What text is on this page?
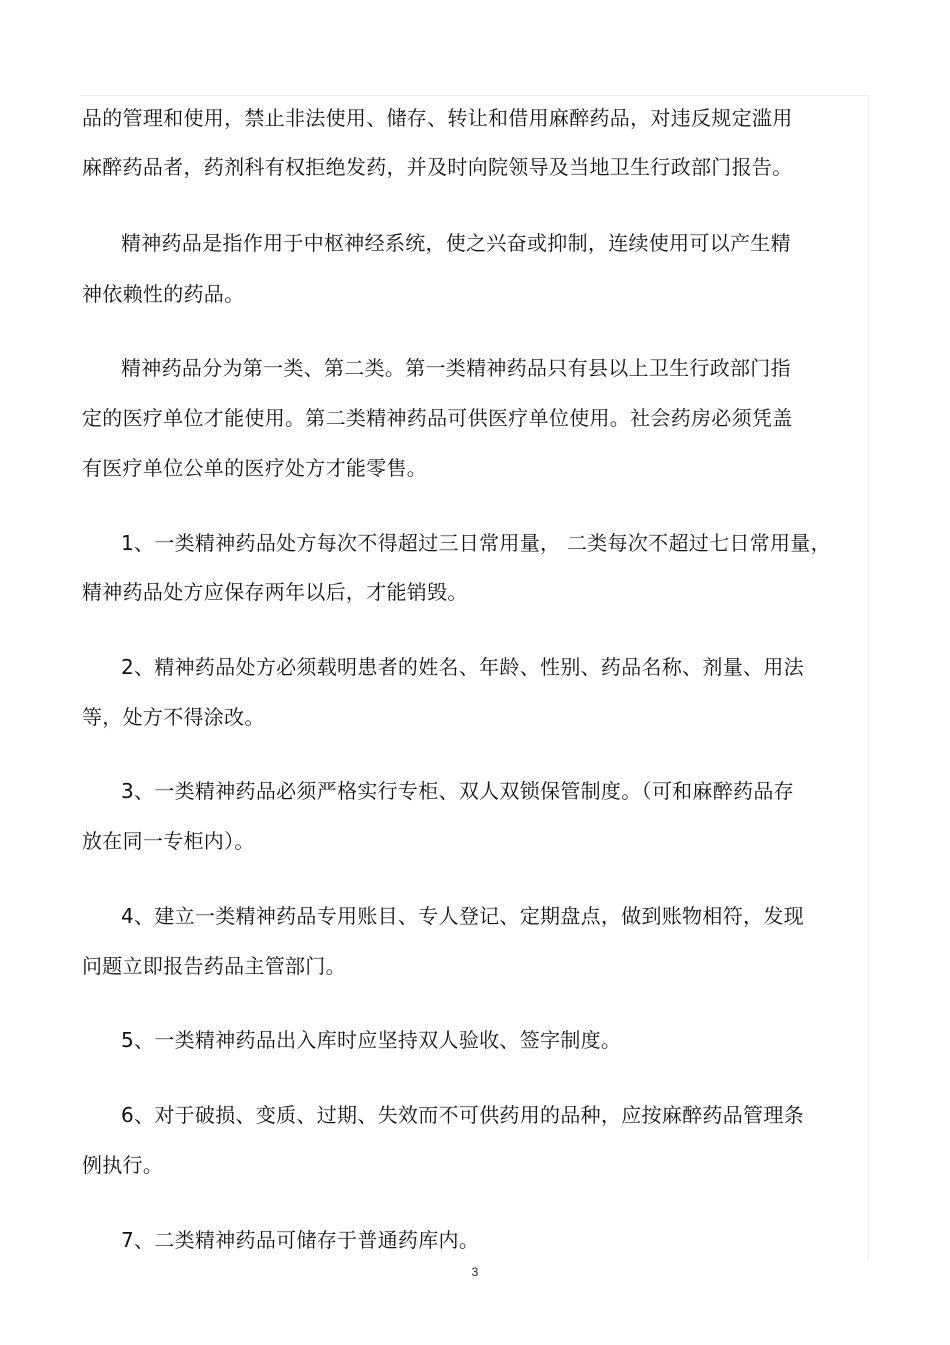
品的管理和使用，禁止非法使用、储存、转让和借用麻醉药品，对违反规定滥用
麻醉药品者，药剂科有权拒绝发药，并及时向院领导及当地卫生行政部门报告。
精神药品是指作用于中枢神经系统，使之兴奋或抑制，连续使用可以产生精
神依赖性的药品。
精神药品分为第一类、第二类。第一类精神药品只有县以上卫生行政部门指
定的医疗单位才能使用。第二类精神药品可供医疗单位使用。社会药房必须凭盖
有医疗单位公单的医疗处方才能零售。
1、一类精神药品处方每次不得超过三日常用量， 二类每次不超过七日常用量，
精神药品处方应保存两年以后，才能销毁。
2、精神药品处方必须载明患者的姓名、年龄、性别、药品名称、剂量、用法
等，处方不得涂改。
3、一类精神药品必须严格实行专柜、双人双锁保管制度。（可和麻醉药品存
放在同一专柜内）。
4、建立一类精神药品专用账目、专人登记、定期盘点，做到账物相符，发现
问题立即报告药品主管部门。
5、一类精神药品出入库时应坚持双人验收、签字制度。
6、对于破损、变质、过期、失效而不可供药用的品种，应按麻醉药品管理条
例执行。
7、二类精神药品可储存于普通药库内。
3
